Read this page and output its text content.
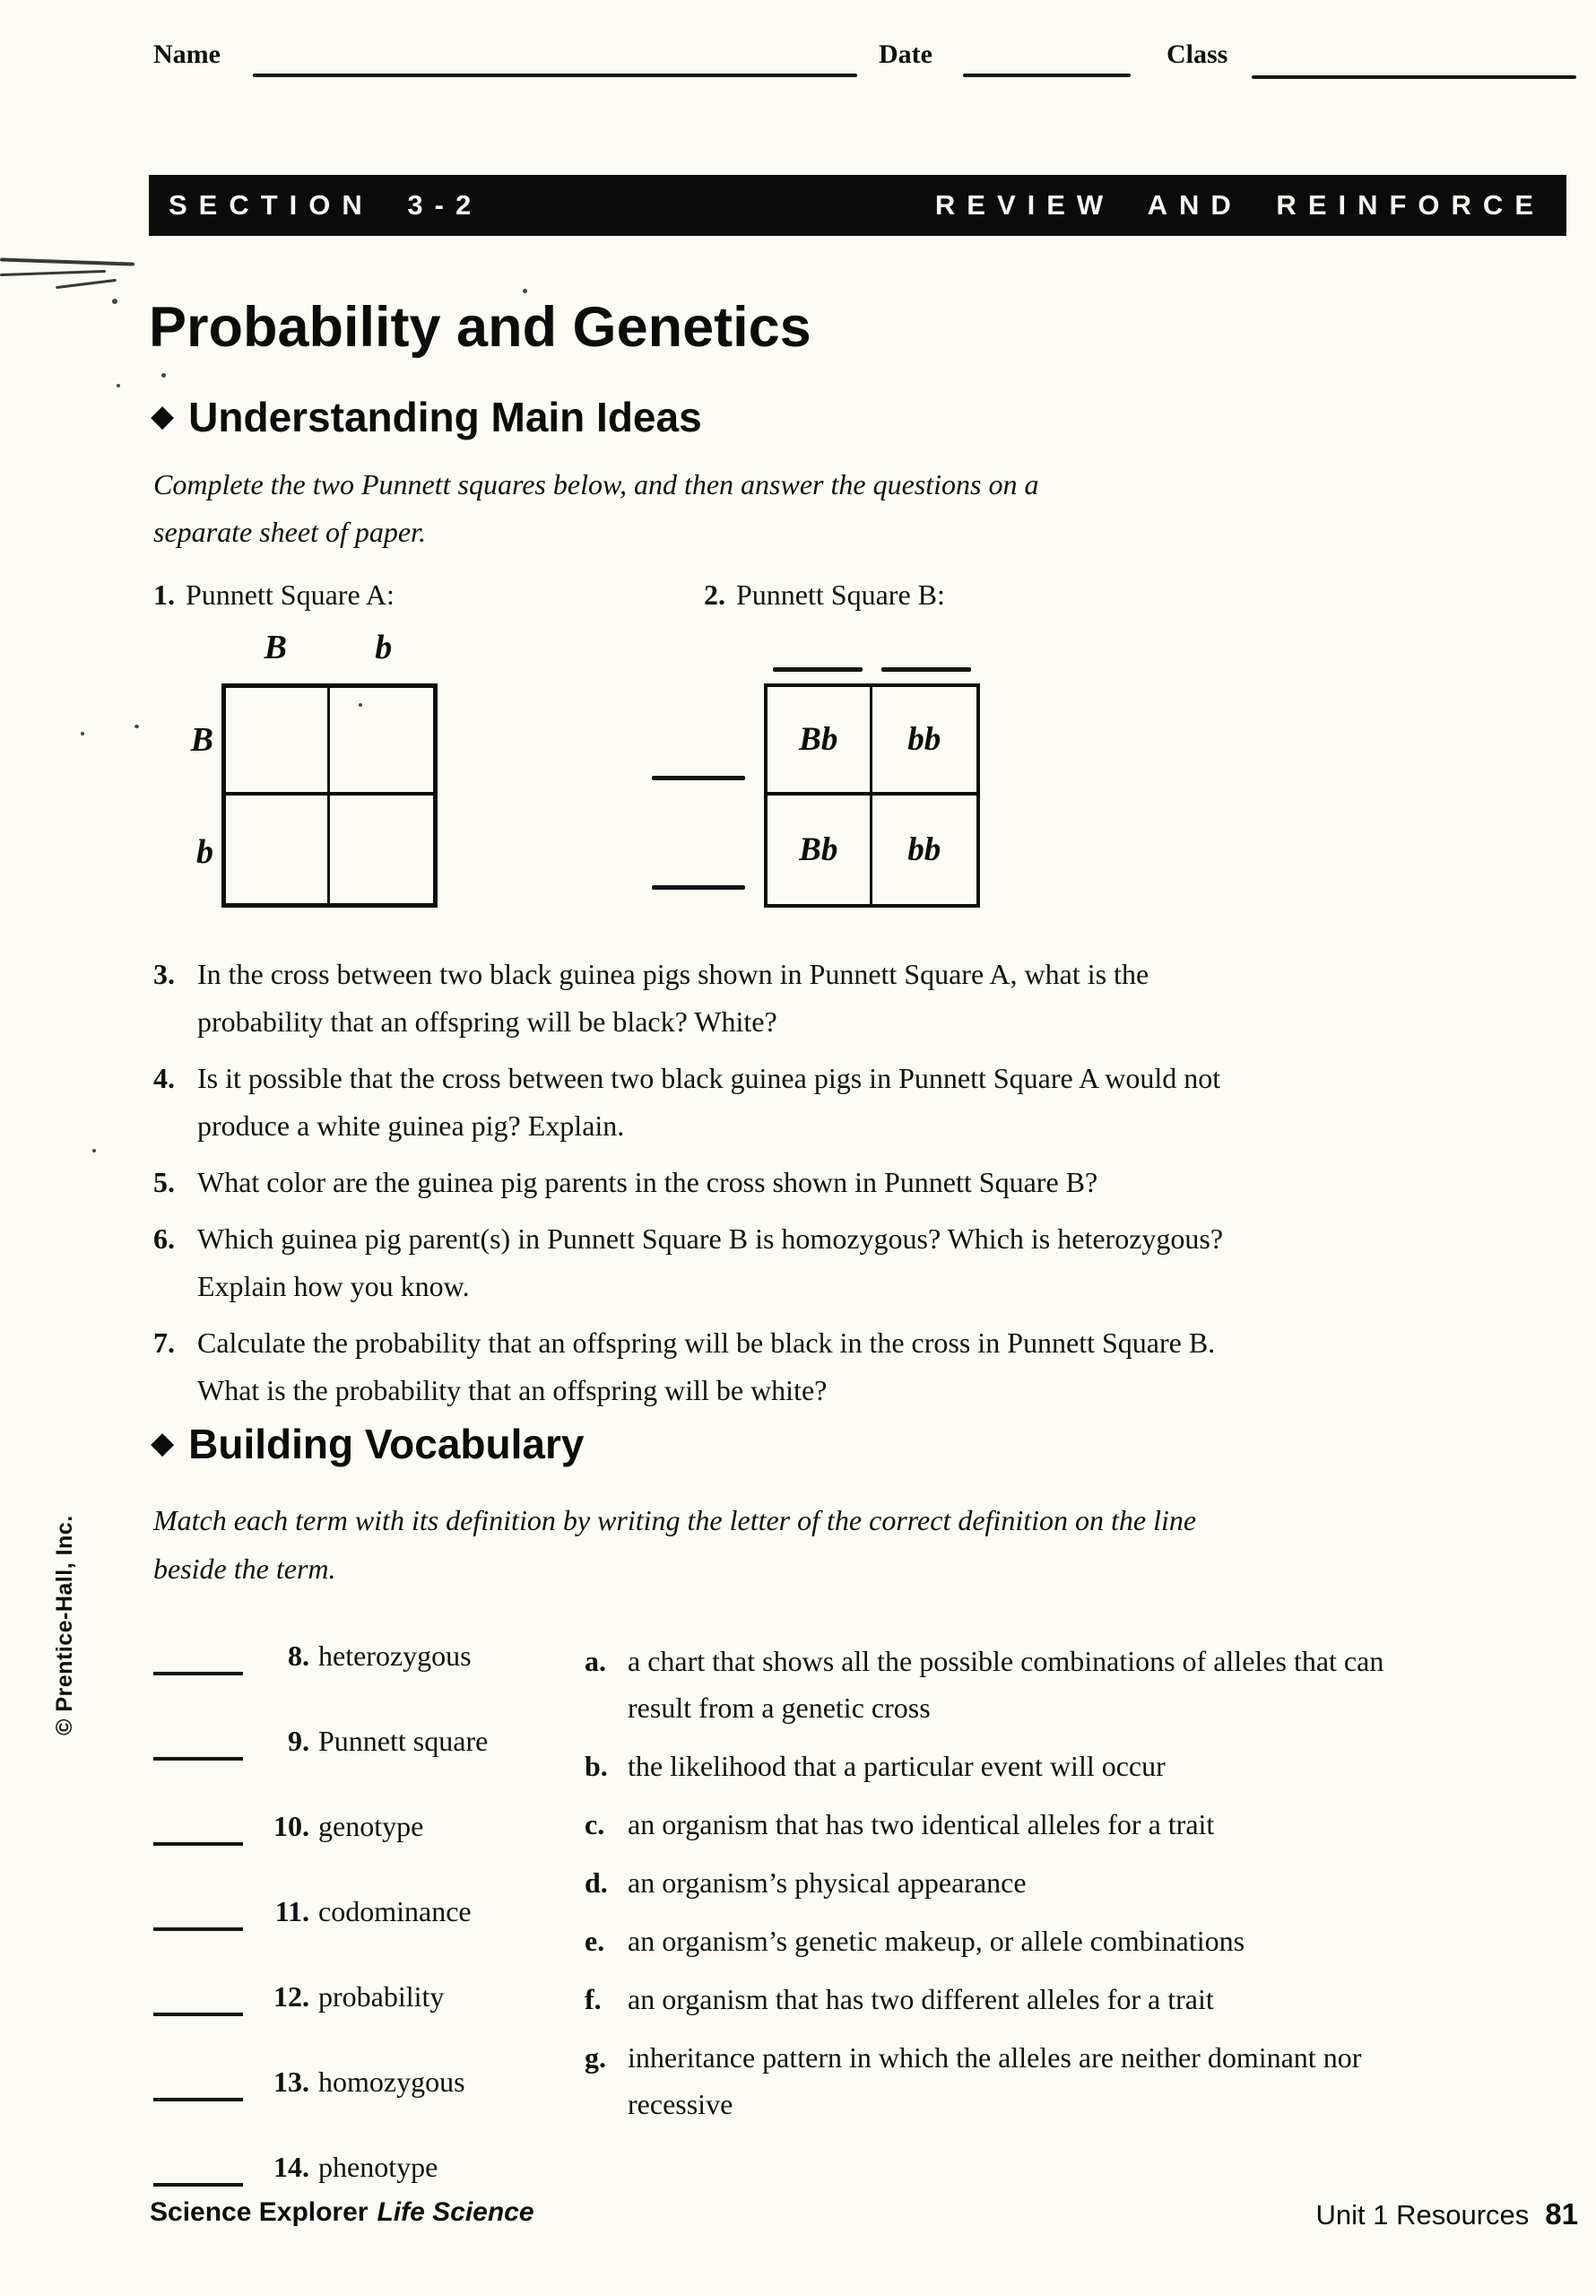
Name	Date	Class
SECTION 3-2	REVIEW AND REINFORCE
Probability and Genetics
◆ Understanding Main Ideas
Complete the two Punnett squares below, and then answer the questions on a separate sheet of paper.
1. Punnett Square A:	2. Punnett Square B:
B	b
B
b
Bb	bb
Bb	bb
3. In the cross between two black guinea pigs shown in Punnett Square A, what is the probability that an offspring will be black? White?
4. Is it possible that the cross between two black guinea pigs in Punnett Square A would not produce a white guinea pig? Explain.
5. What color are the guinea pig parents in the cross shown in Punnett Square B?
6. Which guinea pig parent(s) in Punnett Square B is homozygous? Which is heterozygous? Explain how you know.
7. Calculate the probability that an offspring will be black in the cross in Punnett Square B. What is the probability that an offspring will be white?
◆ Building Vocabulary
Match each term with its definition by writing the letter of the correct definition on the line beside the term.
8. heterozygous
9. Punnett square
10. genotype
11. codominance
12. probability
13. homozygous
14. phenotype
a. a chart that shows all the possible combinations of alleles that can result from a genetic cross
b. the likelihood that a particular event will occur
c. an organism that has two identical alleles for a trait
d. an organism’s physical appearance
e. an organism’s genetic makeup, or allele combinations
f. an organism that has two different alleles for a trait
g. inheritance pattern in which the alleles are neither dominant nor recessive
© Prentice-Hall, Inc.
Science Explorer Life Science	Unit 1 Resources 81
